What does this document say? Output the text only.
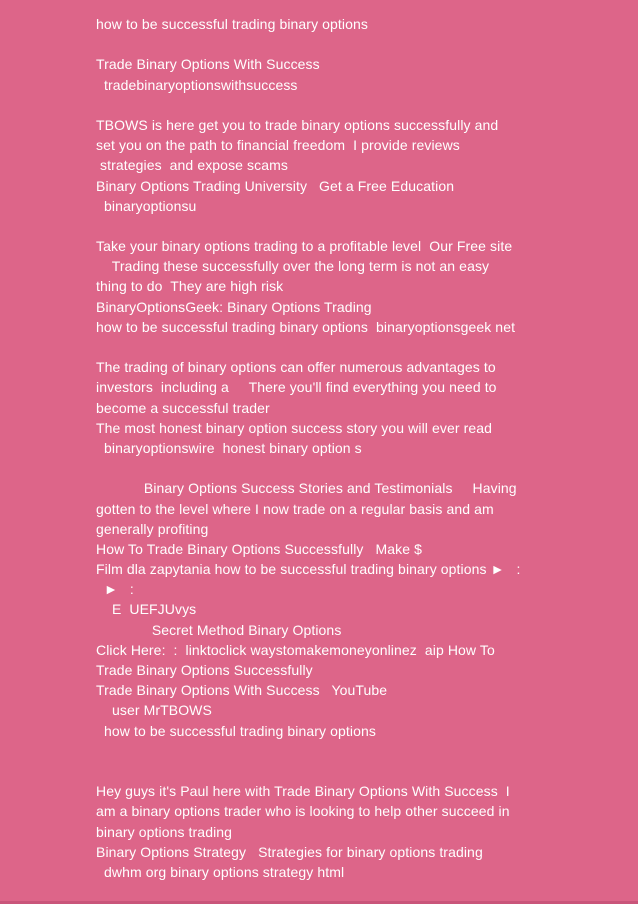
how to be successful trading binary options
Trade Binary Options With Success
tradebinaryoptionswithsuccess
TBOWS is here get you to trade binary options successfully and
set you on the path to financial freedom  I provide reviews
strategies  and expose scams
Binary Options Trading University   Get a Free Education
binaryoptionsu
Take your binary options trading to a profitable level  Our Free site
Trading these successfully over the long term is not an easy
thing to do  They are high risk
BinaryOptionsGeek: Binary Options Trading
how to be successful trading binary options  binaryoptionsgeek net
The trading of binary options can offer numerous advantages to
investors  including a     There you'll find everything you need to
become a successful trader
The most honest binary option success story you will ever read
binaryoptionswire  honest binary option s
Binary Options Success Stories and Testimonials     Having
gotten to the level where I now trade on a regular basis and am
generally profiting
How To Trade Binary Options Successfully   Make $
Film dla zapytania how to be successful trading binary options ►   :
►   :
E  UEFJUvys
Secret Method Binary Options
Click Here:  :  linktoclick waystomakemoneyonlinez  aip How To
Trade Binary Options Successfully
Trade Binary Options With Success   YouTube
user MrTBOWS
how to be successful trading binary options
Hey guys it's Paul here with Trade Binary Options With Success  I
am a binary options trader who is looking to help other succeed in
binary options trading
Binary Options Strategy   Strategies for binary options trading
dwhm org binary options strategy html
